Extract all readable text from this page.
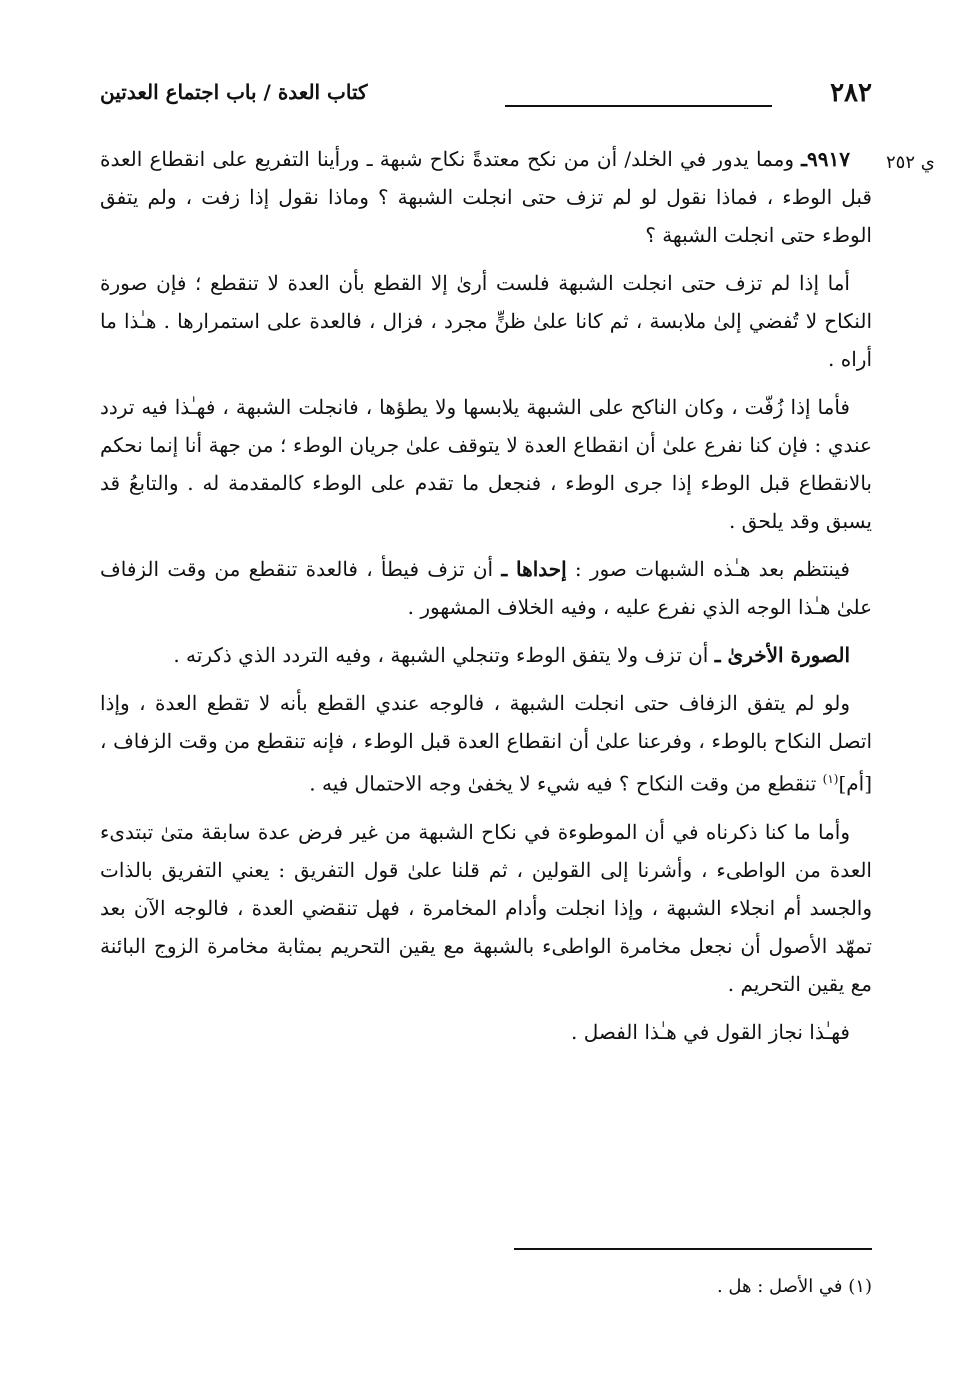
٢٨٢
كتاب العدة / باب اجتماع العدتين
ي ٢٥٢

٩٩١٧ـ ومما يدور في الخلد/ أن من نكح معتدةً نكاح شبهة ـ ورأينا التفريع على انقطاع العدة قبل الوطء ، فماذا نقول لو لم تزف حتى انجلت الشبهة ؟ وماذا نقول إذا زفت ، ولم يتفق الوطء حتى انجلت الشبهة ؟

أما إذا لم تزف حتى انجلت الشبهة فلست أرىٰ إلا القطع بأن العدة لا تنقطع ؛ فإن صورة النكاح لا تُفضي إلىٰ ملابسة ، ثم كانا علىٰ ظنٍّ مجرد ، فزال ، فالعدة على استمرارها . هـٰذا ما أراه .

فأما إذا زُفّت ، وكان الناكح على الشبهة يلابسها ولا يطؤها ، فانجلت الشبهة ، فهـٰذا فيه تردد عندي : فإن كنا نفرع علىٰ أن انقطاع العدة لا يتوقف علىٰ جريان الوطء ؛ من جهة أنا إنما نحكم بالانقطاع قبل الوطء إذا جرى الوطء ، فنجعل ما تقدم على الوطء كالمقدمة له . والتابعُ قد يسبق وقد يلحق .

فينتظم بعد هـٰذه الشبهات صور : إحداها ـ أن تزف فيطأ ، فالعدة تنقطع من وقت الزفاف علىٰ هـٰذا الوجه الذي نفرع عليه ، وفيه الخلاف المشهور .

الصورة الأخرىٰ ـ أن تزف ولا يتفق الوطء وتنجلي الشبهة ، وفيه التردد الذي ذكرته .

ولو لم يتفق الزفاف حتى انجلت الشبهة ، فالوجه عندي القطع بأنه لا تقطع العدة ، وإذا اتصل النكاح بالوطء ، وفرعنا علىٰ أن انقطاع العدة قبل الوطء ، فإنه تنقطع من وقت الزفاف ، [أم]$^{(١)}$ تنقطع من وقت النكاح ؟ فيه شيء لا يخفىٰ وجه الاحتمال فيه .

وأما ما كنا ذكرناه في أن الموطوءة في نكاح الشبهة من غير فرض عدة سابقة متىٰ تبتدىء العدة من الواطىء ، وأشرنا إلى القولين ، ثم قلنا علىٰ قول التفريق : يعني التفريق بالذات والجسد أم انجلاء الشبهة ، وإذا انجلت وأدام المخامرة ، فهل تنقضي العدة ، فالوجه الآن بعد تمهّد الأصول أن نجعل مخامرة الواطىء بالشبهة مع يقين التحريم بمثابة مخامرة الزوج البائنة مع يقين التحريم .

فهـٰذا نجاز القول في هـٰذا الفصل .

(١) في الأصل : هل .
